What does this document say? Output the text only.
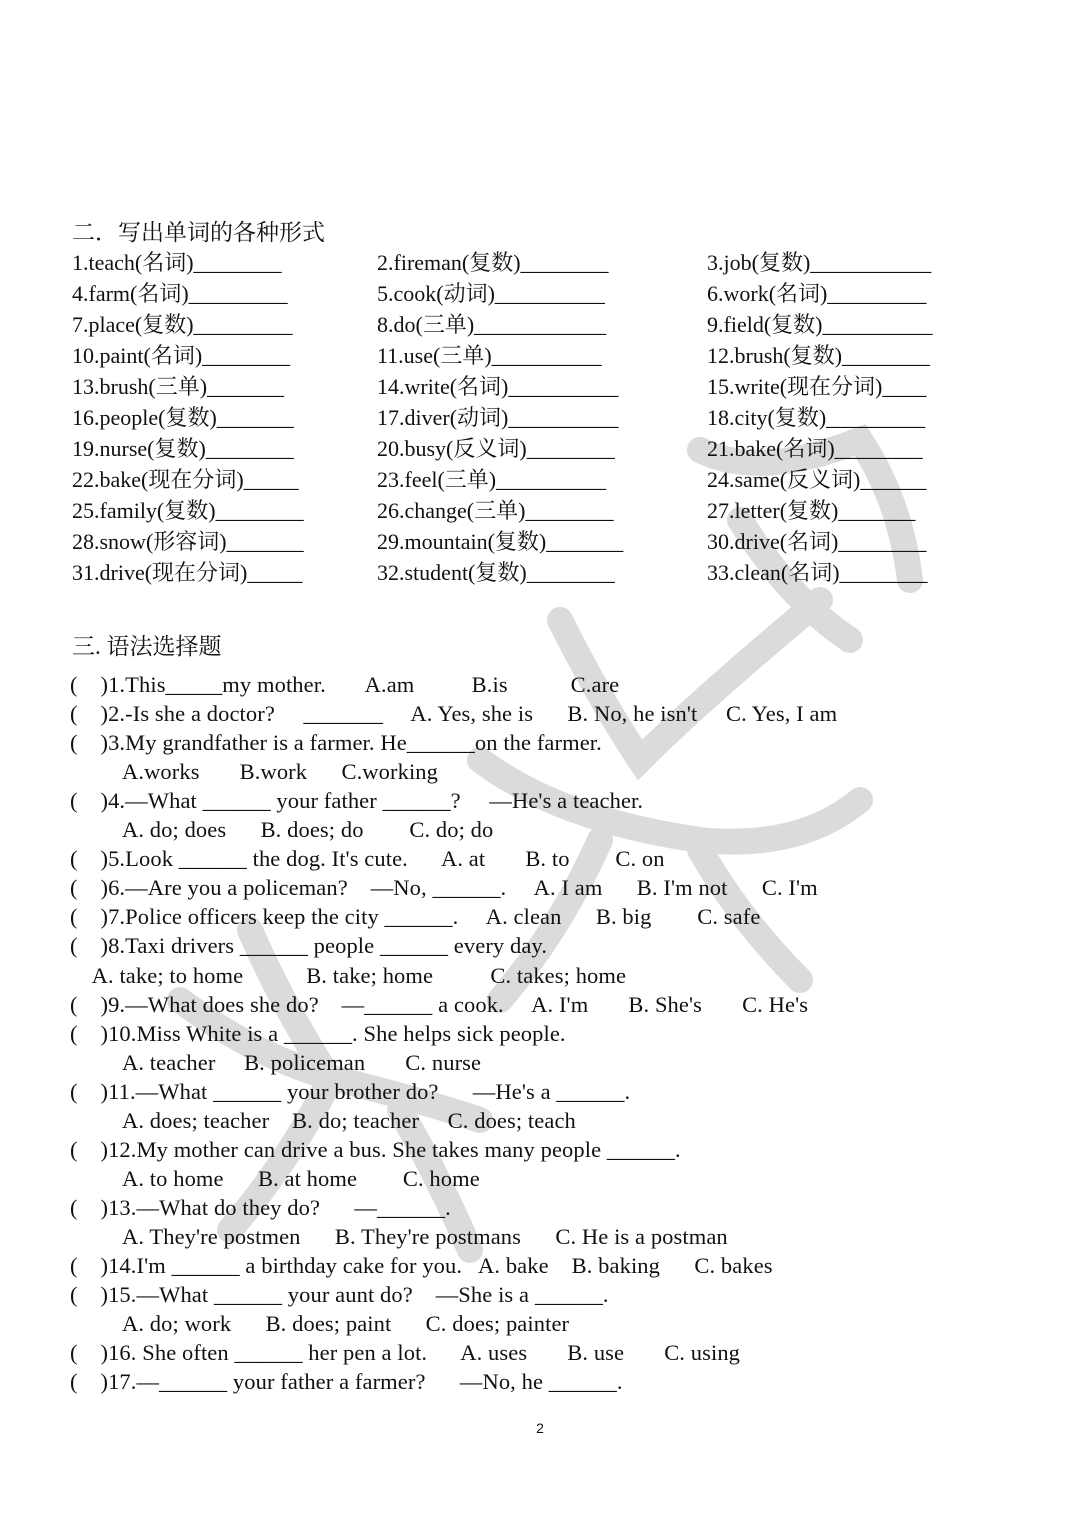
二．写出单词的各种形式
1.teach(名词)________	2.fireman(复数)________	3.job(复数)___________
4.farm(名词)_________	5.cook(动词)__________	6.work(名词)_________
7.place(复数)_________	8.do(三单)____________	9.field(复数)__________
10.paint(名词)________	11.use(三单)__________	12.brush(复数)________
13.brush(三单)_______	14.write(名词)__________	15.write(现在分词)____
16.people(复数)_______	17.diver(动词)__________	18.city(复数)_________
19.nurse(复数)________	20.busy(反义词)________	21.bake(名词)________
22.bake(现在分词)_____	23.feel(三单)__________	24.same(反义词)______
25.family(复数)________	26.change(三单)________	27.letter(复数)_______
28.snow(形容词)_______	29.mountain(复数)_______	30.drive(名词)________
31.drive(现在分词)_____	32.student(复数)________	33.clean(名词)________
三. 语法选择题
(    )1.This_____my mother.       A.am          B.is           C.are
(    )2.-Is she a doctor?     _______     A. Yes, she is      B. No, he isn't     C. Yes, I am
(    )3.My grandfather is a farmer. He______on the farmer.
A.works       B.work      C.working
(    )4.—What ______ your father ______?     —He's a teacher.
A. do; does      B. does; do        C. do; do
(    )5.Look ______ the dog. It's cute.      A. at       B. to        C. on
(    )6.—Are you a policeman?    —No, ______.     A. I am      B. I'm not      C. I'm
(    )7.Police officers keep the city ______.     A. clean      B. big        C. safe
(    )8.Taxi drivers ______ people ______ every day.
A. take; to home           B. take; home          C. takes; home
(    )9.—What does she do?    —______ a cook.     A. I'm       B. She's       C. He's
(    )10.Miss White is a ______. She helps sick people.
A. teacher     B. policeman       C. nurse
(    )11.—What ______ your brother do?      —He's a ______.
A. does; teacher    B. do; teacher     C. does; teach
(    )12.My mother can drive a bus. She takes many people ______.
A. to home      B. at home        C. home
(    )13.—What do they do?      —______.
A. They're postmen      B. They're postmans      C. He is a postman
(    )14.I'm ______ a birthday cake for you.   A. bake    B. baking      C. bakes
(    )15.—What ______ your aunt do?    —She is a ______.
A. do; work      B. does; paint      C. does; painter
(    )16. She often ______ her pen a lot.      A. uses       B. use       C. using
(    )17.—______ your father a farmer?      —No, he ______.
2
